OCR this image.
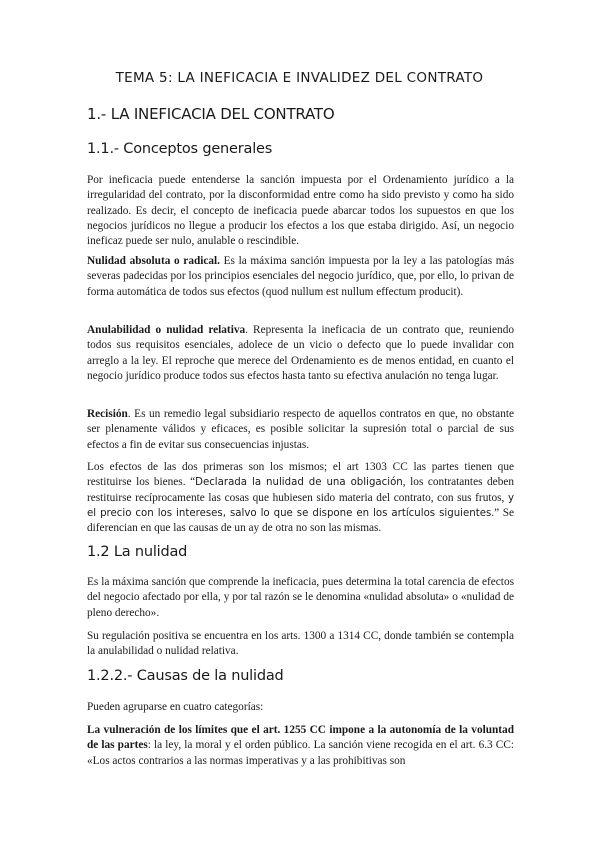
TEMA 5: LA INEFICACIA E INVALIDEZ DEL CONTRATO
1.- LA INEFICACIA DEL CONTRATO
1.1.- Conceptos generales

Por ineficacia puede entenderse la sanción impuesta por el Ordenamiento jurídico a la irregularidad del contrato, por la disconformidad entre como ha sido previsto y como ha sido realizado. Es decir, el concepto de ineficacia puede abarcar todos los supuestos en que los negocios jurídicos no llegue a producir los efectos a los que estaba dirigido. Así, un negocio ineficaz puede ser nulo, anulable o rescindible.

Nulidad absoluta o radical. Es la máxima sanción impuesta por la ley a las patologías más severas padecidas por los principios esenciales del negocio jurídico, que, por ello, lo privan de forma automática de todos sus efectos (quod nullum est nullum effectum producit).

Anulabilidad o nulidad relativa. Representa la ineficacia de un contrato que, reuniendo todos sus requisitos esenciales, adolece de un vicio o defecto que lo puede invalidar con arreglo a la ley. El reproche que merece del Ordenamiento es de menos entidad, en cuanto el negocio jurídico produce todos sus efectos hasta tanto su efectiva anulación no tenga lugar.

Recisión. Es un remedio legal subsidiario respecto de aquellos contratos en que, no obstante ser plenamente válidos y eficaces, es posible solicitar la supresión total o parcial de sus efectos a fin de evitar sus consecuencias injustas.

Los efectos de las dos primeras son los mismos; el art 1303 CC las partes tienen que restituirse los bienes. “Declarada la nulidad de una obligación, los contratantes deben restituirse recíprocamente las cosas que hubiesen sido materia del contrato, con sus frutos, y el precio con los intereses, salvo lo que se dispone en los artículos siguientes.” Se diferencian en que las causas de un ay de otra no son las mismas.

1.2 La nulidad

Es la máxima sanción que comprende la ineficacia, pues determina la total carencia de efectos del negocio afectado por ella, y por tal razón se le denomina «nulidad absoluta» o «nulidad de pleno derecho».

Su regulación positiva se encuentra en los arts. 1300 a 1314 CC, donde también se contempla la anulabilidad o nulidad relativa.

1.2.2.- Causas de la nulidad

Pueden agruparse en cuatro categorías:

La vulneración de los límites que el art. 1255 CC impone a la autonomía de la voluntad de las partes: la ley, la moral y el orden público. La sanción viene recogida en el art. 6.3 CC: «Los actos contrarios a las normas imperativas y a las prohibitivas son
